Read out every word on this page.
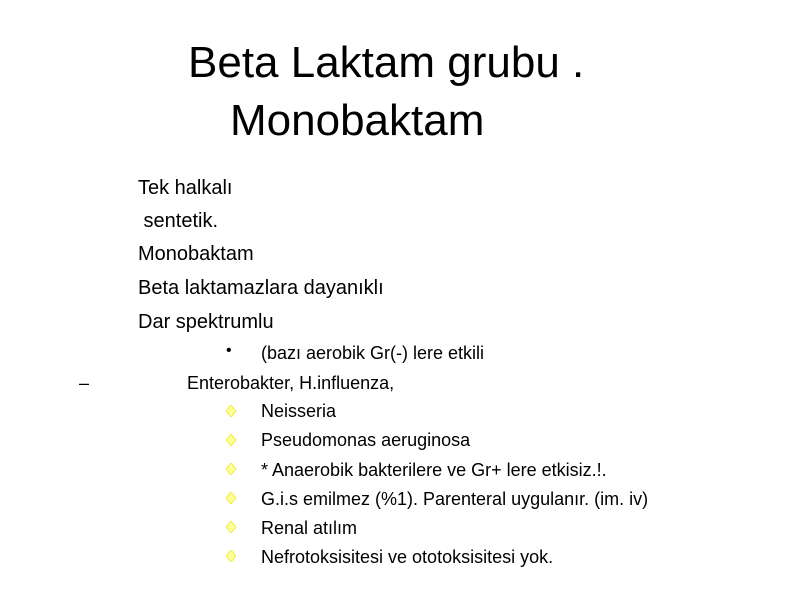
Beta Laktam grubu .
Monobaktam
Tek halkalı
sentetik.
Monobaktam
Beta laktamazlara dayanıklı
Dar spektrumlu
• (bazı aerobik Gr(-) lere etkili
–	Enterobakter, H.influenza,
Neisseria
Pseudomonas aeruginosa
* Anaerobik bakterilere ve Gr+ lere etkisiz.!.
G.i.s emilmez (%1). Parenteral uygulanır. (im. iv)
Renal atılım
Nefrotoksisitesi ve ototoksisitesi yok.
